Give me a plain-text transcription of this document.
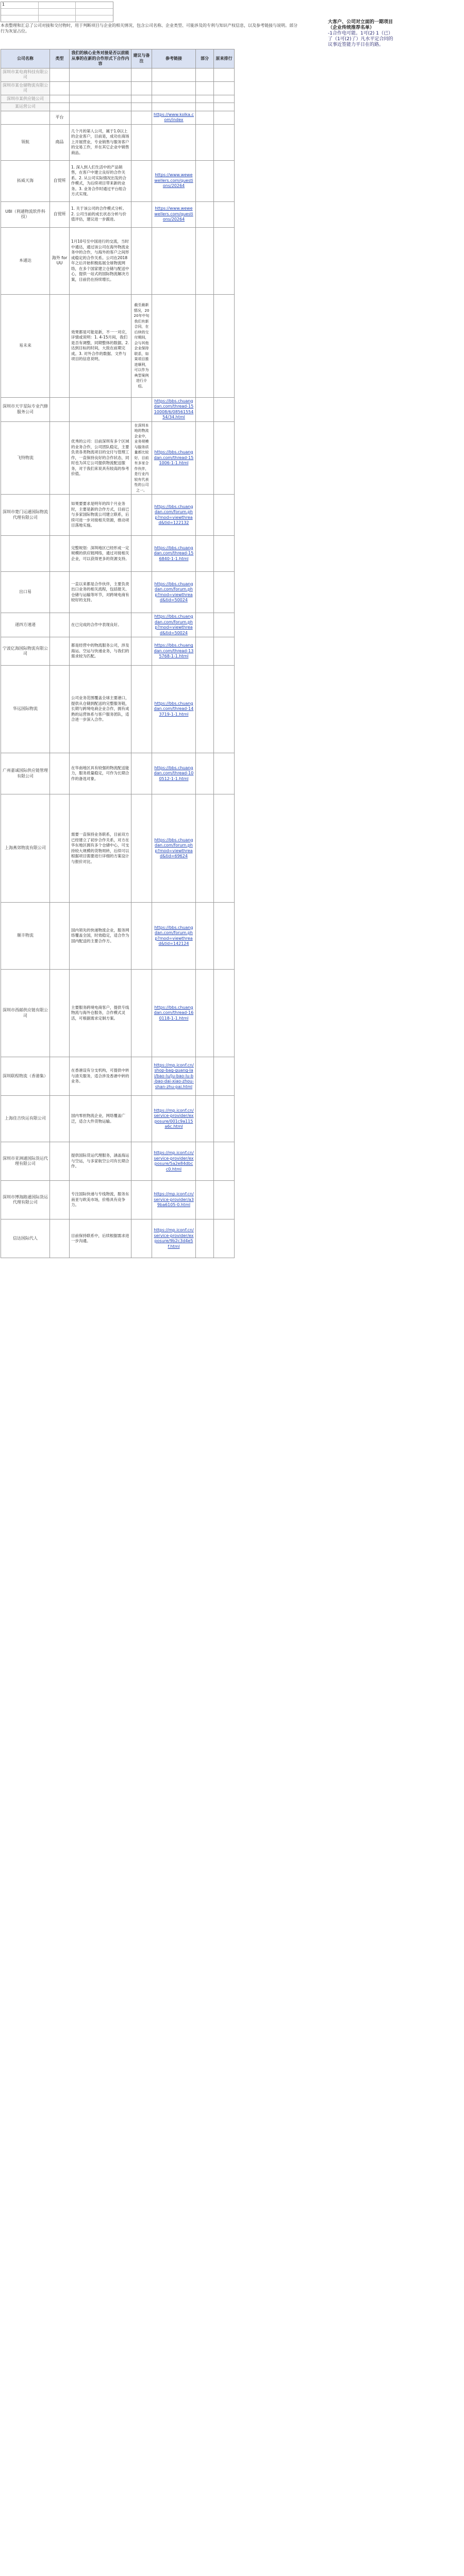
1
本表整理和汇总了公司对接和交付物时，用于判断项目与企业的相关情况，包含公司名称、企业类型、可能涉及的专利与知识产权信息，以及参考链接与说明。部分行为灰显占位。
大客户、公司对立面的一期项目（企业传统推荐名单）
-1合作电可能。1可(2) 1（已）了（1可(2)了）凡水平定合同的议事近签能力平日在的路。
公司名称	类型	我们的核心业务对接是否以前能从事的在新的合作形式下合作内容	建议与备注	参考链接	部分	原来排行
深圳市某电商科技有限公司						
深圳市某仓储物流有限公司						
深圳市某供应链公司						
某运营公司						
	平台			https://www.kolka.com/index		
领航	商品	几个月的第人公司，属于1.0以上的企业客户，目前是，成功在商场上开展营业，专业销售与服务客户的交易工作，并在其它企业中销售商品。				
拓威天海	自贸所	1. 深入到人们生活中的产品销售，在客户中建立良好的合作关系。2. 从公司实际情况出发的合作模式，为后续项目带来新的业务。3. 业务合作时通过平台组合方式实现。		https://www.wewewellers.com/questions/20264		
UBI（利通物流软件科技）	自贸所	1. 关于该公司的合作模式分析。2. 公司当前的成长状态分析与价值评估，建议进一步跟进。		https://www.wewewellers.com/questions/20264		
本通达	海外 forUU	1月10号至中国进行的交流，当时中通达，通过该公司在海外物流业务中的合作，与海外的客户之间形成稳定的合作关系。公司在2018年之后开始积极拓展全球物流网络，在多个国家建立仓储与配送中心，提供一站式的国际物流解决方案，目前仍在持续增长。				
易未来		效果都是可能是新，不一一对应，详情或说明：1. 4-15月间，我们是否有调整，同期整体的数据。2. 达到目标的时间，大致在前期完成。3. 对外合作的数据、文件与项目的信息说明。	截至最新情况，2020年中旬我们有新合同，在后续的交付期间，会与其他企业保持联系，如果项目推进顺利，可以作为典型案例进行介绍。			
深圳市天宇星际专业汽修服务公司				https://bbs.chuangdan.com/thread-1510008/6/0856155454/34.html		
飞特物流		优秀的公司：目前深圳有多个区域的业务合作，公司团队稳定，主要负责各类物流项目的交付与管理工作，一直保持良好的合作状态，同时也为其它公司提供物流配送服务，对于我们来说具有较高的参考价值。	在深圳本地的物流企业中，业务规模与服务质量都比较好，目前有多家合作伙伴，是行业内较有代表性的公司之一。	https://bbs.chuangdan.com/thread-151006-1-1.html		
深圳市楚门运通国际物流代理有限公司		如果要要求是明年的四个月业务时，主要是新的合作方式，目前已与多家国际物流公司建立联系，后续可进一步对接相关资源，推动项目落地实施。		https://bbs.chuangdan.com/forum.php?mod=viewthread&tid=122132		
		完整规划：深圳地区已经形成一定规模的供应链网络，通过对接相关企业，可以获得更多的资源支持。		https://bbs.chuangdan.com/thread-156840-1-1.html		
出口易		一直以来都是合作伙伴，主要负责出口业务的相关流程，包括报关、仓储与运输等环节，对跨境电商有较好的支持。		https://bbs.chuangdan.com/forum.php?mod=viewthread&tid=50024		
递四方速递		在已完成的合作中表现良好。		https://bbs.chuangdan.com/forum.php?mod=viewthread&tid=50024		
宁波亿海国际物流有限公司		都是经营中的物流服务公司，涉及海运、空运与快递业务，与我们的需求较为匹配。		https://bbs.chuangdan.com/thread-135768-1-1.html		
华远国际物流		公司业务范围覆盖全球主要港口，提供从仓储到配送的完整服务链，长期与跨境电商企业合作，拥有成熟的运营体系与客户服务团队，适合进一步深入合作。		https://bbs.chuangdan.com/thread-143719-1-1.html		
广州嘉诚国际供应链管理有限公司		在华南地区具有较强的物流配送能力，服务质量稳定，可作为长期合作的备选对象。		https://bbs.chuangdan.com/thread-100512-1-1.html		
上海燕郊物流有限公司		需要一直保持业务联系，目前双方已经建立了初步合作关系，对方在华东地区拥有多个仓储中心，可支持较大规模的货物周转，后续可以根据项目需要进行详细的方案设计与报价对比。		https://bbs.chuangdan.com/forum.php?mod=viewthread&tid=69624		
顺丰物流		国内领先的快递物流企业，服务网络覆盖全国，时效稳定，适合作为国内配送的主要合作方。		https://bbs.chuangdan.com/forum.php?mod=viewthread&tid=142124		
深圳市西邮供应链有限公司		主要服务跨境电商客户，提供专线物流与海外仓服务，合作模式灵活，可根据需求定制方案。		https://bbs.chuangdan.com/thread-160118-1-1.html		
深圳联程物流（香港集）		在香港设有分支机构，可提供中转与清关服务，适合涉及香港中转的业务。		https://mp.iconf.cn/shop-bag-guang-lai/bao-lu/ju-bao-lu-b-bao-dai-xiao-zhou-shan-zhu-pai.html		
上海佳吉快运有限公司		国内零担物流企业，网络覆盖广泛，适合大件货物运输。		https://mp.iconf.cn/service-provider/exposure/001c9a115a6c.html		
深圳市亚洲通国际货运代理有限公司		提供国际货运代理服务，涵盖海运与空运，与多家航空公司有长期合作。		https://mp.iconf.cn/service-provider/exposure/5a2e84dbcc0.html		
深圳市博海路通国际货运代理有限公司		专注国际快递与专线物流，服务东南亚与欧美市场，价格具有竞争力。		https://mp.iconf.cn/service-provider/a39ba6105-0.html		
信达国际代人		目前保持联系中，后续根据需求进一步沟通。		https://mp.iconf.cn/service-provider/exposure/9b2c3d4e5f.html		
